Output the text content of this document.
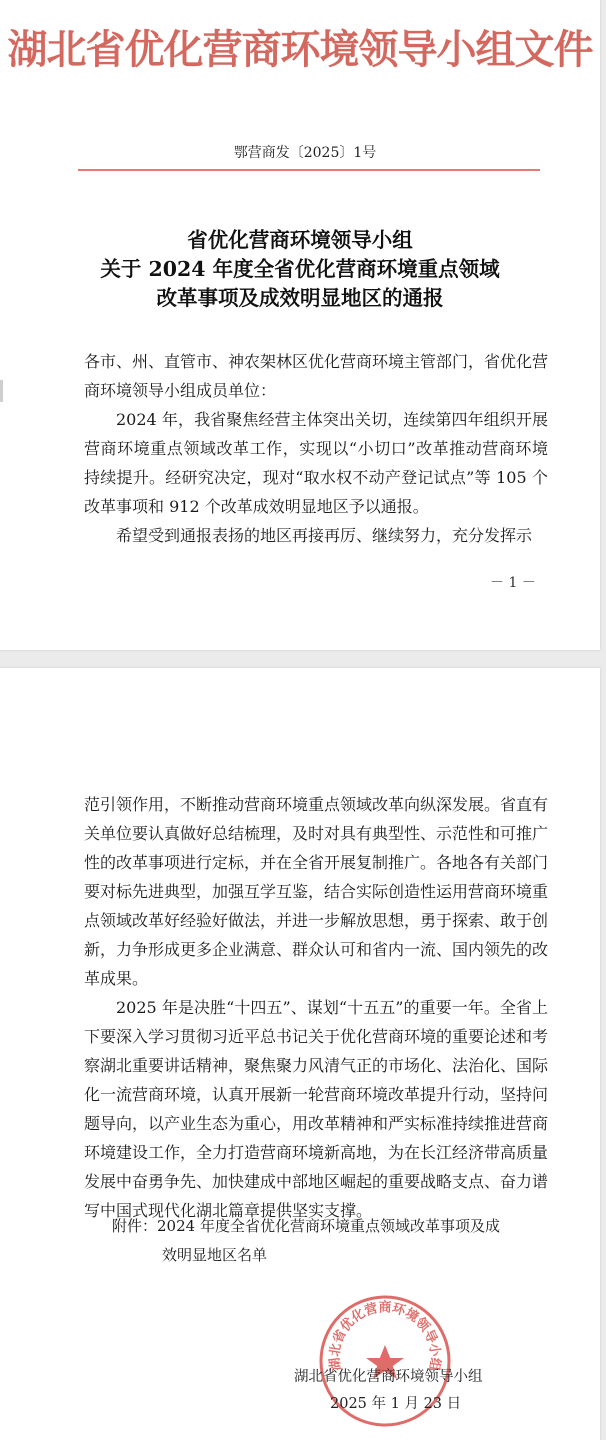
湖北省优化营商环境领导小组文件
鄂营商发〔2025〕1号
省优化营商环境领导小组
关于 2024 年度全省优化营商环境重点领域
改革事项及成效明显地区的通报

各市、州、直管市、神农架林区优化营商环境主管部门，省优化营商环境领导小组成员单位：

2024 年，我省聚焦经营主体突出关切，连续第四年组织开展营商环境重点领域改革工作，实现以“小切口”改革推动营商环境持续提升。经研究决定，现对“取水权不动产登记试点”等 105 个改革事项和 912 个改革成效明显地区予以通报。

希望受到通报表扬的地区再接再厉、继续努力，充分发挥示

－ 1 －

范引领作用，不断推动营商环境重点领域改革向纵深发展。省直有关单位要认真做好总结梳理，及时对具有典型性、示范性和可推广性的改革事项进行定标，并在全省开展复制推广。各地各有关部门要对标先进典型，加强互学互鉴，结合实际创造性运用营商环境重点领域改革好经验好做法，并进一步解放思想，勇于探索、敢于创新，力争形成更多企业满意、群众认可和省内一流、国内领先的改革成果。

2025 年是决胜“十四五”、谋划“十五五”的重要一年。全省上下要深入学习贯彻习近平总书记关于优化营商环境的重要论述和考察湖北重要讲话精神，聚焦聚力风清气正的市场化、法治化、国际化一流营商环境，认真开展新一轮营商环境改革提升行动，坚持问题导向，以产业生态为重心，用改革精神和严实标准持续推进营商环境建设工作，全力打造营商环境新高地，为在长江经济带高质量发展中奋勇争先、加快建成中部地区崛起的重要战略支点、奋力谱写中国式现代化湖北篇章提供坚实支撑。

附件：2024 年度全省优化营商环境重点领域改革事项及成
效明显地区名单
湖北省优化营商环境领导小组
湖北省优化营商环境领导小组
2025 年 1 月 23 日
